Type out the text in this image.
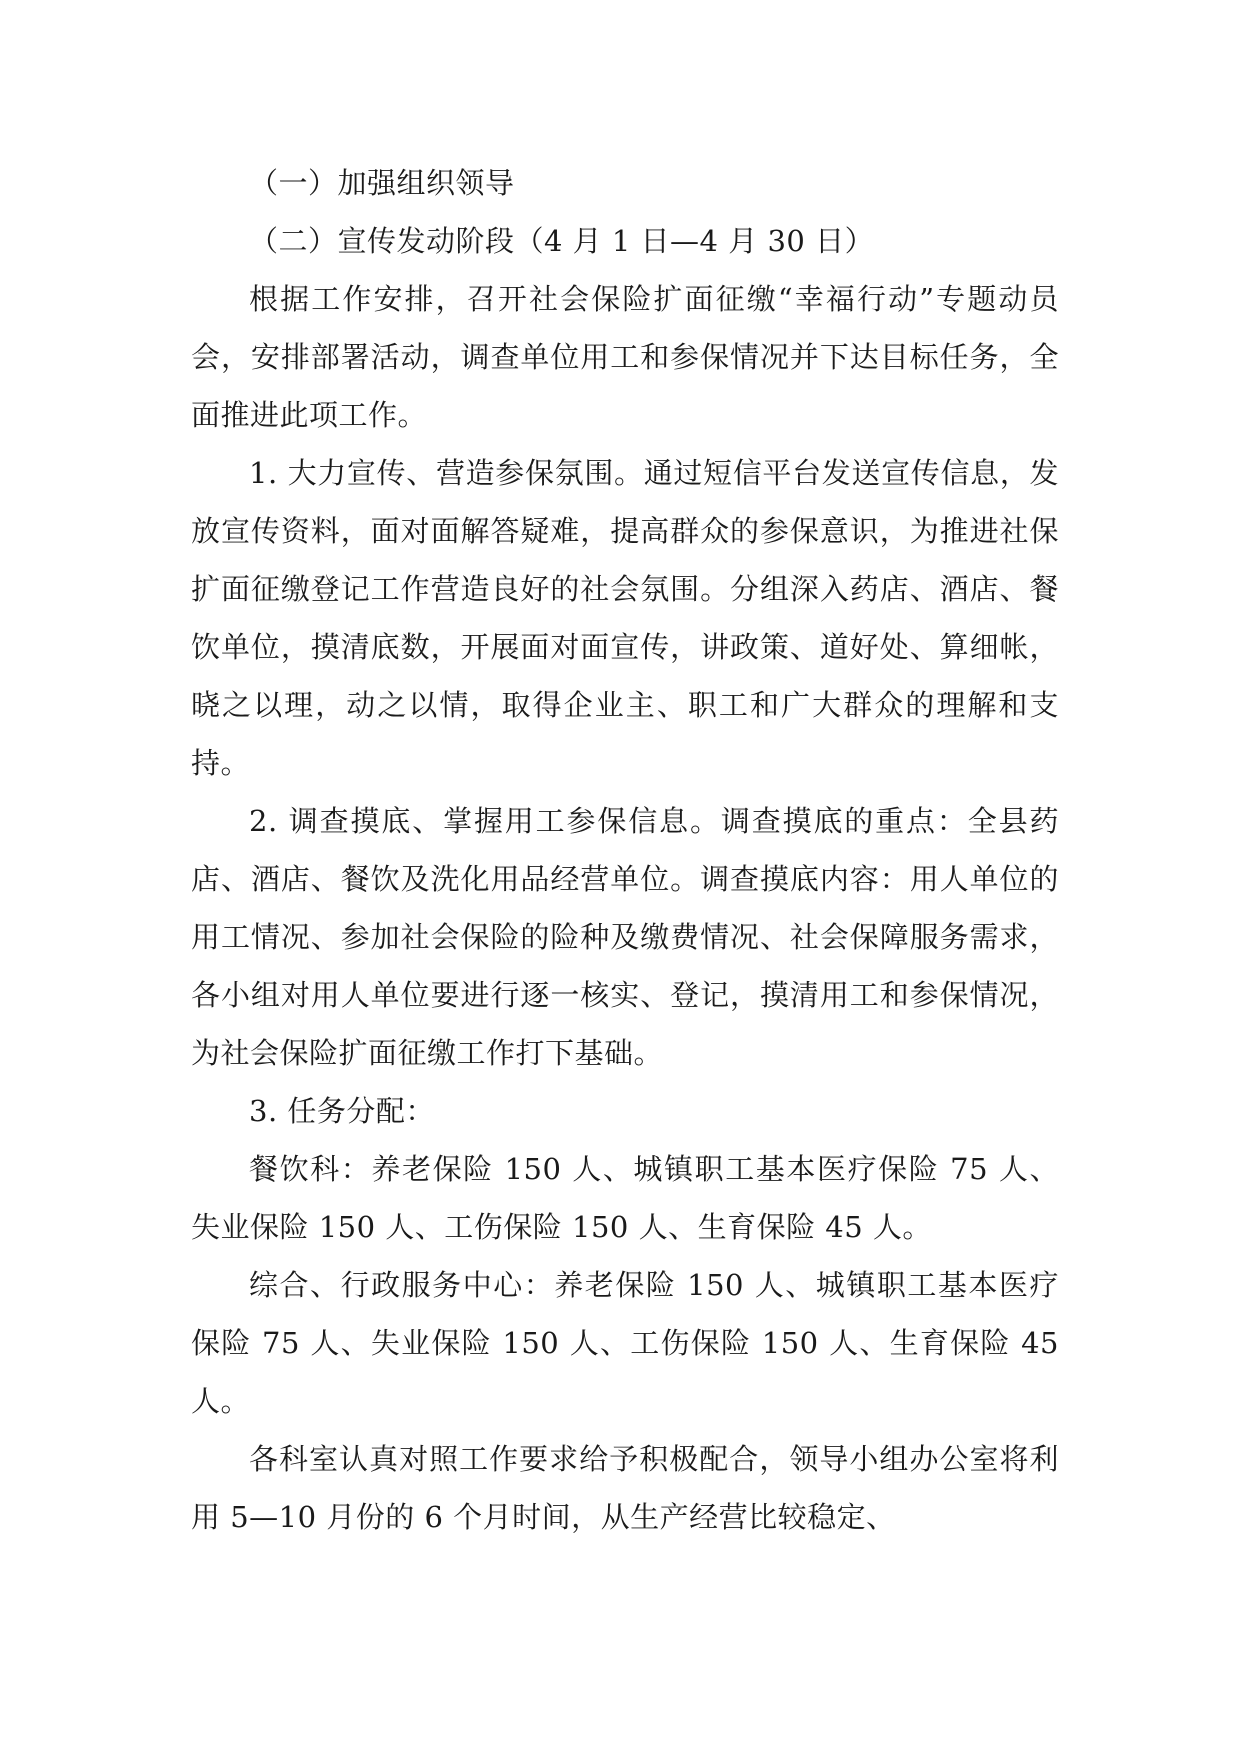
（一）加强组织领导

（二）宣传发动阶段（4 月 1 日—4 月 30 日）

根据工作安排，召开社会保险扩面征缴“幸福行动”专题动员会，安排部署活动，调查单位用工和参保情况并下达目标任务，全面推进此项工作。

1. 大力宣传、营造参保氛围。通过短信平台发送宣传信息，发放宣传资料，面对面解答疑难，提高群众的参保意识，为推进社保扩面征缴登记工作营造良好的社会氛围。分组深入药店、酒店、餐饮单位，摸清底数，开展面对面宣传，讲政策、道好处、算细帐，晓之以理，动之以情，取得企业主、职工和广大群众的理解和支持。

2. 调查摸底、掌握用工参保信息。调查摸底的重点：全县药店、酒店、餐饮及洗化用品经营单位。调查摸底内容：用人单位的用工情况、参加社会保险的险种及缴费情况、社会保障服务需求，各小组对用人单位要进行逐一核实、登记，摸清用工和参保情况，为社会保险扩面征缴工作打下基础。

3. 任务分配：

餐饮科：养老保险 150 人、城镇职工基本医疗保险 75 人、失业保险 150 人、工伤保险 150 人、生育保险 45 人。

综合、行政服务中心：养老保险 150 人、城镇职工基本医疗保险 75 人、失业保险 150 人、工伤保险 150 人、生育保险 45 人。

各科室认真对照工作要求给予积极配合，领导小组办公室将利用 5—10 月份的 6 个月时间，从生产经营比较稳定、
